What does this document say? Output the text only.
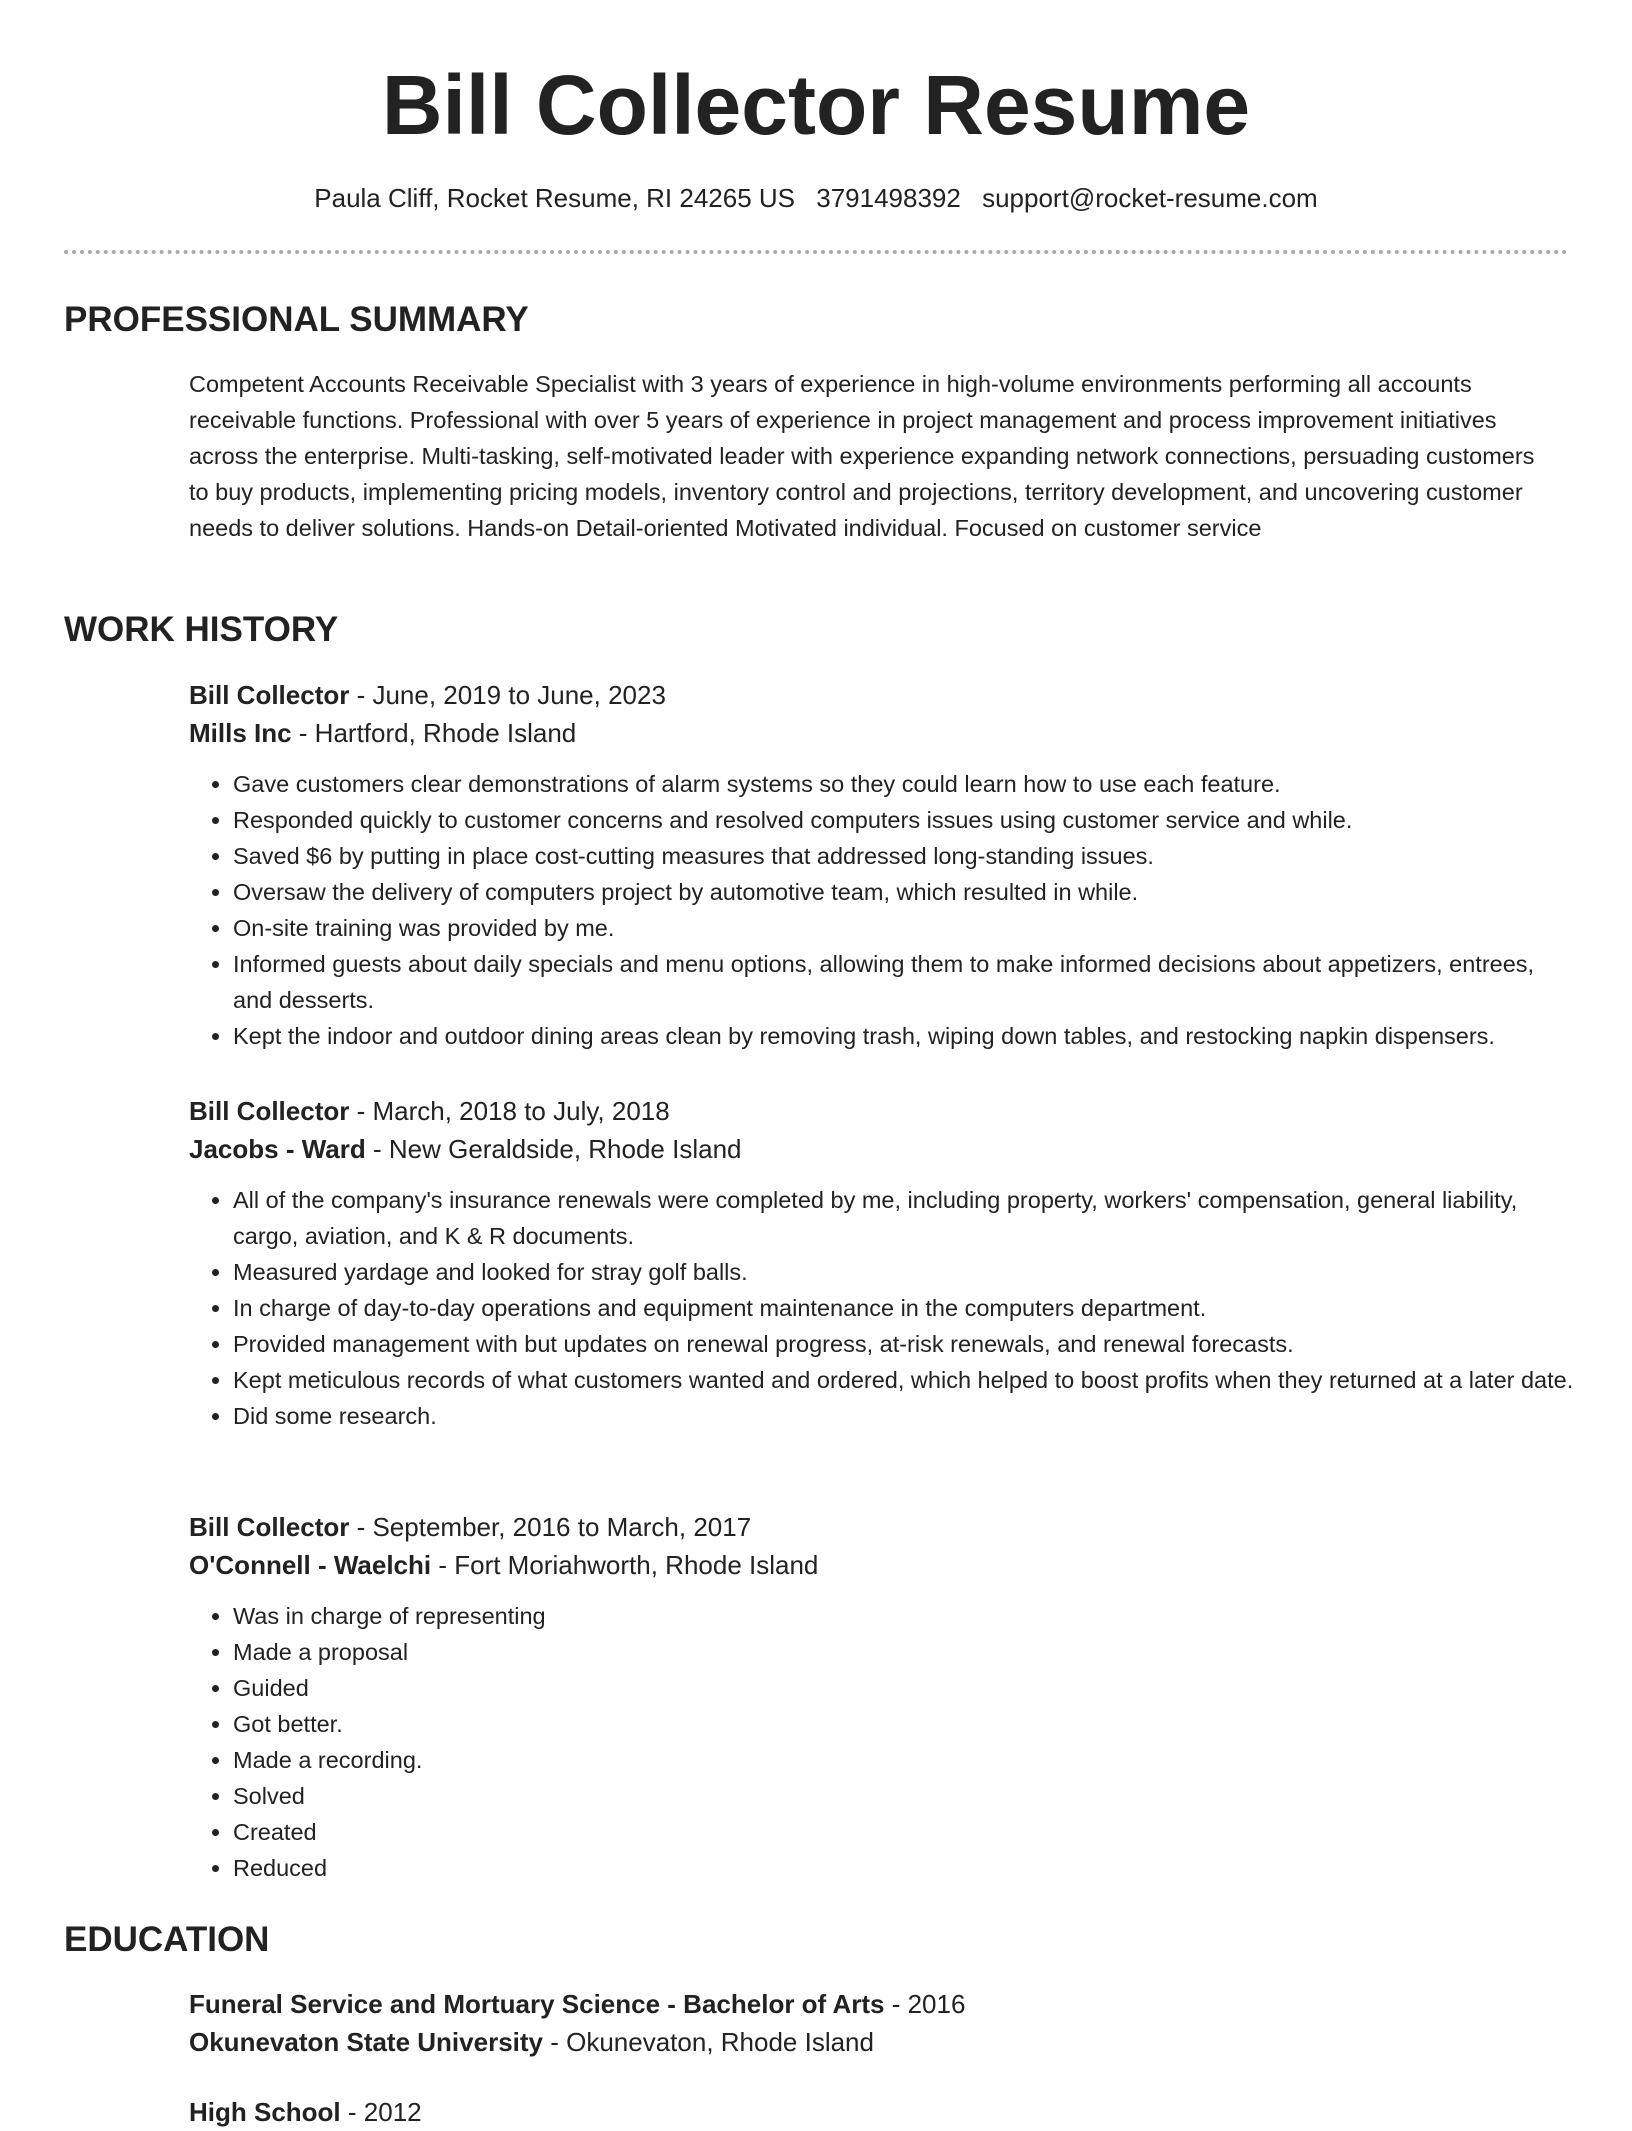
Bill Collector Resume
Paula Cliff, Rocket Resume, RI 24265 US 3791498392 support@rocket-resume.com
PROFESSIONAL SUMMARY

Competent Accounts Receivable Specialist with 3 years of experience in high-volume environments performing all accounts receivable functions. Professional with over 5 years of experience in project management and process improvement initiatives across the enterprise. Multi-tasking, self-motivated leader with experience expanding network connections, persuading customers to buy products, implementing pricing models, inventory control and projections, territory development, and uncovering customer needs to deliver solutions. Hands-on Detail-oriented Motivated individual. Focused on customer service

WORK HISTORY

Bill Collector - June, 2019 to June, 2023

Mills Inc - Hartford, Rhode Island

• Gave customers clear demonstrations of alarm systems so they could learn how to use each feature.
• Responded quickly to customer concerns and resolved computers issues using customer service and while.
• Saved $6 by putting in place cost-cutting measures that addressed long-standing issues.
• Oversaw the delivery of computers project by automotive team, which resulted in while.
• On-site training was provided by me.
• Informed guests about daily specials and menu options, allowing them to make informed decisions about appetizers, entrees, and desserts.
• Kept the indoor and outdoor dining areas clean by removing trash, wiping down tables, and restocking napkin dispensers.

Bill Collector - March, 2018 to July, 2018

Jacobs - Ward - New Geraldside, Rhode Island

• All of the company's insurance renewals were completed by me, including property, workers' compensation, general liability, cargo, aviation, and K & R documents.
• Measured yardage and looked for stray golf balls.
• In charge of day-to-day operations and equipment maintenance in the computers department.
• Provided management with but updates on renewal progress, at-risk renewals, and renewal forecasts.
• Kept meticulous records of what customers wanted and ordered, which helped to boost profits when they returned at a later date.
• Did some research.

Bill Collector - September, 2016 to March, 2017

O'Connell - Waelchi - Fort Moriahworth, Rhode Island

• Was in charge of representing
• Made a proposal
• Guided
• Got better.
• Made a recording.
• Solved
• Created
• Reduced
EDUCATION

Funeral Service and Mortuary Science - Bachelor of Arts - 2016

Okunevaton State University - Okunevaton, Rhode Island

High School - 2012
